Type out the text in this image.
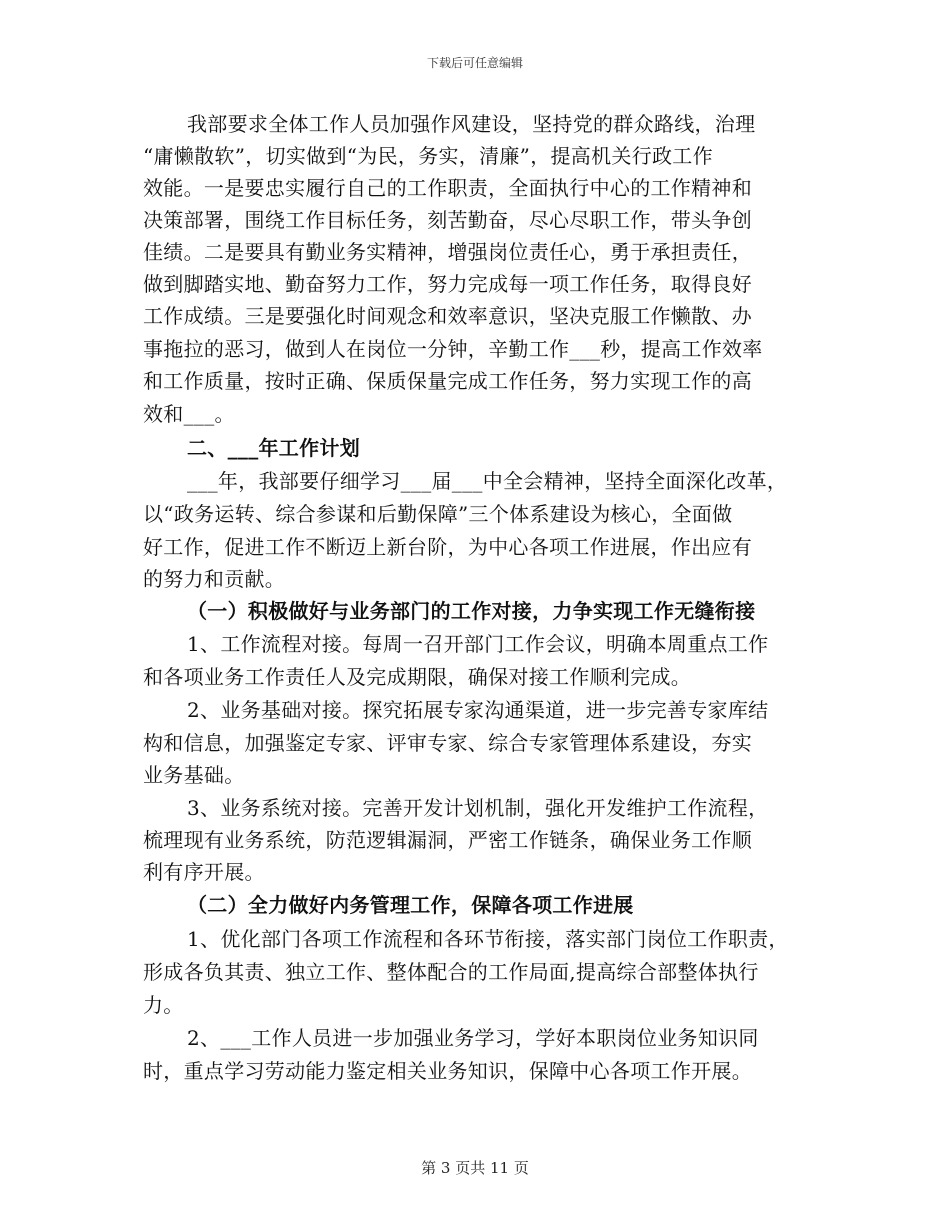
下载后可任意编辑
我部要求全体工作人员加强作风建设，坚持党的群众路线，治理
“庸懒散软”，切实做到“为民，务实，清廉”，提高机关行政工作
效能。一是要忠实履行自己的工作职责，全面执行中心的工作精神和
决策部署，围绕工作目标任务，刻苦勤奋，尽心尽职工作，带头争创
佳绩。二是要具有勤业务实精神，增强岗位责任心，勇于承担责任，
做到脚踏实地、勤奋努力工作，努力完成每一项工作任务，取得良好
工作成绩。三是要强化时间观念和效率意识，坚决克服工作懒散、办
事拖拉的恶习，做到人在岗位一分钟，辛勤工作___秒，提高工作效率
和工作质量，按时正确、保质保量完成工作任务，努力实现工作的高
效和___。
二、___年工作计划
___年，我部要仔细学习___届___中全会精神，坚持全面深化改革，
以“政务运转、综合参谋和后勤保障”三个体系建设为核心，全面做
好工作，促进工作不断迈上新台阶，为中心各项工作进展，作出应有
的努力和贡献。
（一）积极做好与业务部门的工作对接，力争实现工作无缝衔接
1、工作流程对接。每周一召开部门工作会议，明确本周重点工作
和各项业务工作责任人及完成期限，确保对接工作顺利完成。
2、业务基础对接。探究拓展专家沟通渠道，进一步完善专家库结
构和信息，加强鉴定专家、评审专家、综合专家管理体系建设，夯实
业务基础。
3、业务系统对接。完善开发计划机制，强化开发维护工作流程，
梳理现有业务系统，防范逻辑漏洞，严密工作链条，确保业务工作顺
利有序开展。
（二）全力做好内务管理工作，保障各项工作进展
1、优化部门各项工作流程和各环节衔接，落实部门岗位工作职责，
形成各负其责、独立工作、整体配合的工作局面,提高综合部整体执行
力。
2、___工作人员进一步加强业务学习，学好本职岗位业务知识同
时，重点学习劳动能力鉴定相关业务知识，保障中心各项工作开展。
第 3 页共 11 页
